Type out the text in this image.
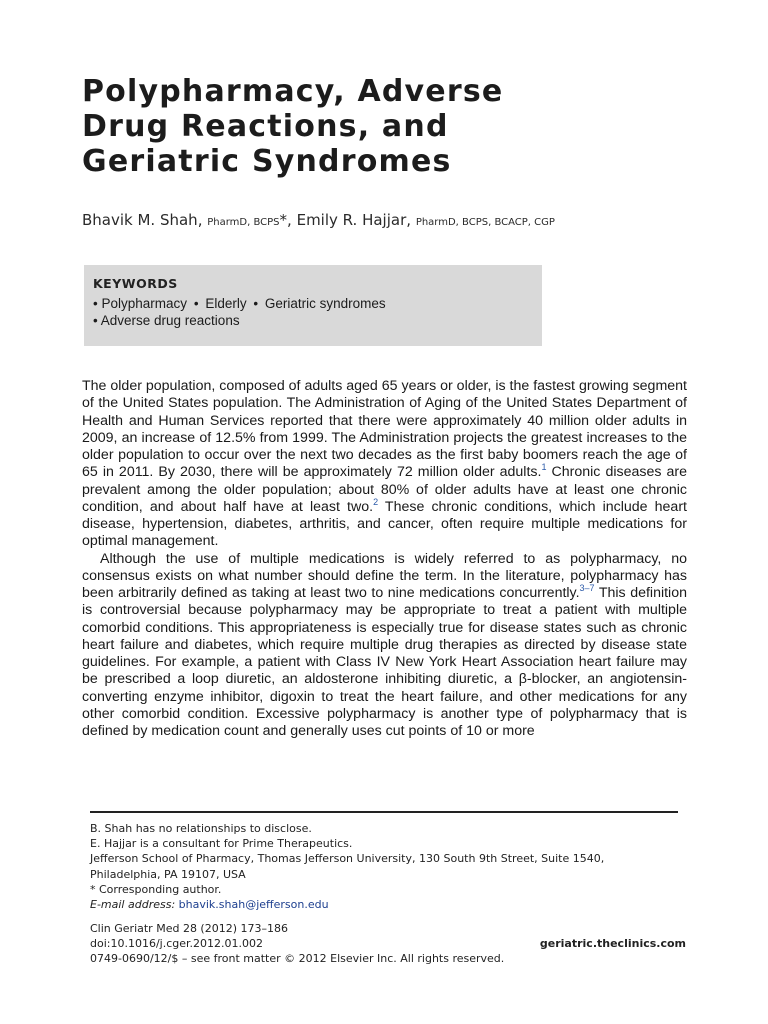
Polypharmacy, Adverse
Drug Reactions, and
Geriatric Syndromes
Bhavik M. Shah, PharmD, BCPS*, Emily R. Hajjar, PharmD, BCPS, BCACP, CGP
KEYWORDS
• Polypharmacy • Elderly • Geriatric syndromes
• Adverse drug reactions

The older population, composed of adults aged 65 years or older, is the fastest growing segment of the United States population. The Administration of Aging of the United States Department of Health and Human Services reported that there were approximately 40 million older adults in 2009, an increase of 12.5% from 1999. The Administration projects the greatest increases to the older population to occur over the next two decades as the first baby boomers reach the age of 65 in 2011. By 2030, there will be approximately 72 million older adults.$^1$ Chronic diseases are prevalent among the older population; about 80% of older adults have at least one chronic condition, and about half have at least two.$^2$ These chronic conditions, which include heart disease, hypertension, diabetes, arthritis, and cancer, often require multiple medications for optimal management.

Although the use of multiple medications is widely referred to as polypharmacy, no consensus exists on what number should define the term. In the literature, polypharmacy has been arbitrarily defined as taking at least two to nine medications concurrently.$^{3-7}$ This definition is controversial because polypharmacy may be appropriate to treat a patient with multiple comorbid conditions. This appropriateness is especially true for disease states such as chronic heart failure and diabetes, which require multiple drug therapies as directed by disease state guidelines. For example, a patient with Class IV New York Heart Association heart failure may be prescribed a loop diuretic, an aldosterone inhibiting diuretic, a β-blocker, an angiotensin-converting enzyme inhibitor, digoxin to treat the heart failure, and other medications for any other comorbid condition. Excessive polypharmacy is another type of polypharmacy that is defined by medication count and generally uses cut points of 10 or more

B. Shah has no relationships to disclose.
E. Hajjar is a consultant for Prime Therapeutics.
Jefferson School of Pharmacy, Thomas Jefferson University, 130 South 9th Street, Suite 1540,
Philadelphia, PA 19107, USA
* Corresponding author.
E-mail address: bhavik.shah@jefferson.edu
Clin Geriatr Med 28 (2012) 173–186
doi:10.1016/j.cger.2012.01.002
0749-0690/12/$ – see front matter © 2012 Elsevier Inc. All rights reserved.
geriatric.theclinics.com
